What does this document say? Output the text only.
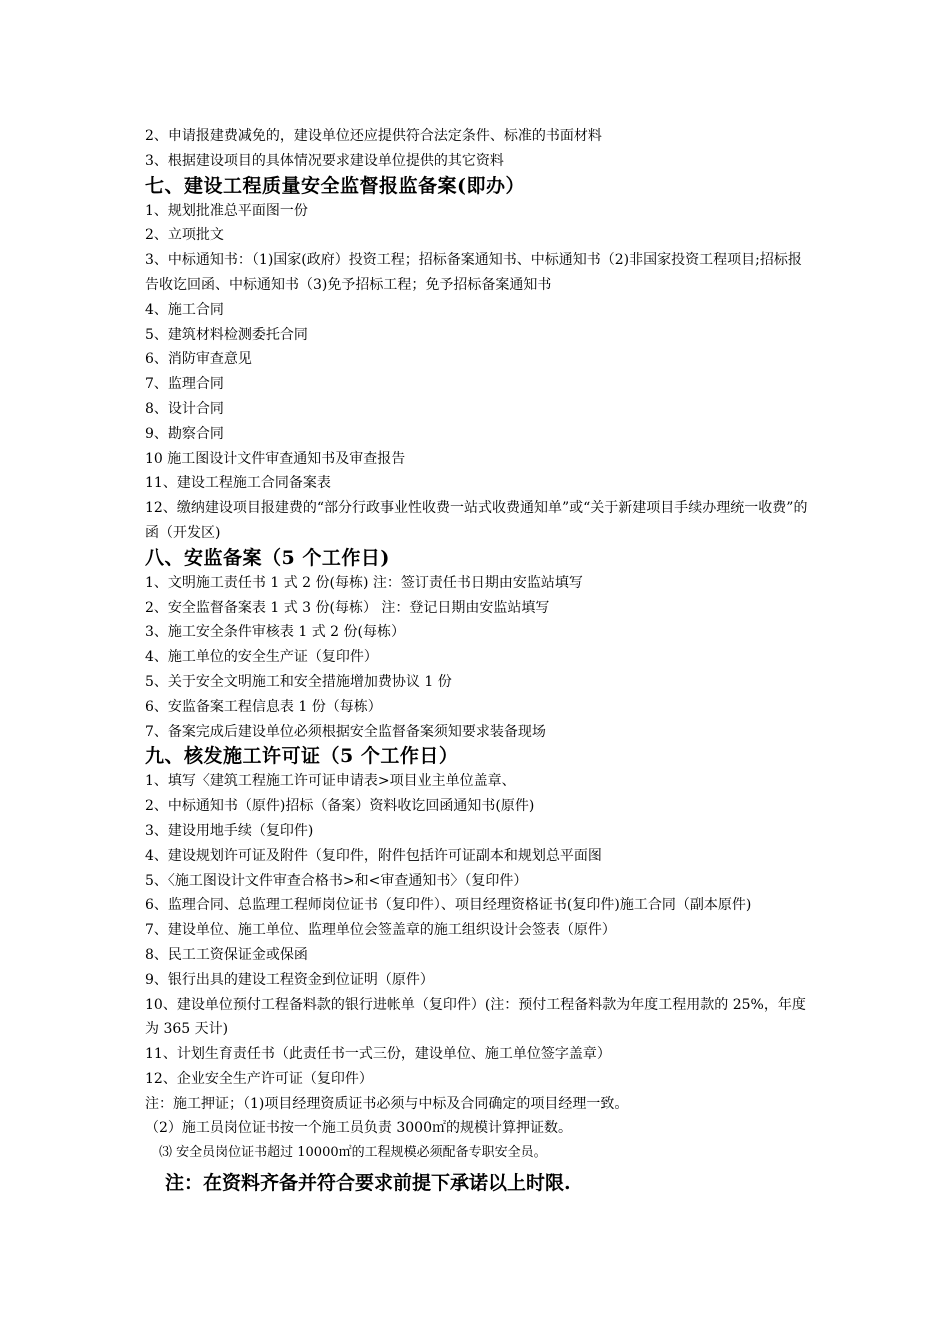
2、申请报建费减免的，建设单位还应提供符合法定条件、标准的书面材料
3、根据建设项目的具体情况要求建设单位提供的其它资料
七、建设工程质量安全监督报监备案(即办）
1、规划批准总平面图一份
2、立项批文
3、中标通知书：（1)国家(政府）投资工程；招标备案通知书、中标通知书（2)非国家投资工程项目;招标报告收讫回函、中标通知书（3)免予招标工程；免予招标备案通知书
4、施工合同
5、建筑材料检测委托合同
6、消防审查意见
7、监理合同
8、设计合同
9、勘察合同
10 施工图设计文件审查通知书及审查报告
11、建设工程施工合同备案表
12、缴纳建设项目报建费的“部分行政事业性收费一站式收费通知单”或“关于新建项目手续办理统一收费”的函（开发区)
八、安监备案（5 个工作日)
1、文明施工责任书 1 式 2 份(每栋) 注：签订责任书日期由安监站填写
2、安全监督备案表 1 式 3 份(每栋） 注：登记日期由安监站填写
3、施工安全条件审核表 1 式 2 份(每栋）
4、施工单位的安全生产证（复印件）
5、关于安全文明施工和安全措施增加费协议 1 份
6、安监备案工程信息表 1 份（每栋）
7、备案完成后建设单位必须根据安全监督备案须知要求装备现场
九、核发施工许可证（5 个工作日）
1、填写〈建筑工程施工许可证申请表>项目业主单位盖章、
2、中标通知书（原件)招标（备案）资料收讫回函通知书(原件)
3、建设用地手续（复印件)
4、建设规划许可证及附件（复印件，附件包括许可证副本和规划总平面图
5、〈施工图设计文件审查合格书>和<审查通知书〉（复印件）
6、监理合同、总监理工程师岗位证书（复印件）、项目经理资格证书(复印件)施工合同（副本原件)
7、建设单位、施工单位、监理单位会签盖章的施工组织设计会签表（原件）
8、民工工资保证金或保函
9、银行出具的建设工程资金到位证明（原件）
10、建设单位预付工程备料款的银行进帐单（复印件）(注：预付工程备料款为年度工程用款的 25%，年度为 365 天计)
11、计划生育责任书（此责任书一式三份，建设单位、施工单位签字盖章）
12、企业安全生产许可证（复印件）
注：施工押证；（1)项目经理资质证书必须与中标及合同确定的项目经理一致。
（2）施工员岗位证书按一个施工员负责 3000㎡的规模计算押证数。
⑶ 安全员岗位证书超过 10000㎡的工程规模必须配备专职安全员。
注：在资料齐备并符合要求前提下承诺以上时限.
